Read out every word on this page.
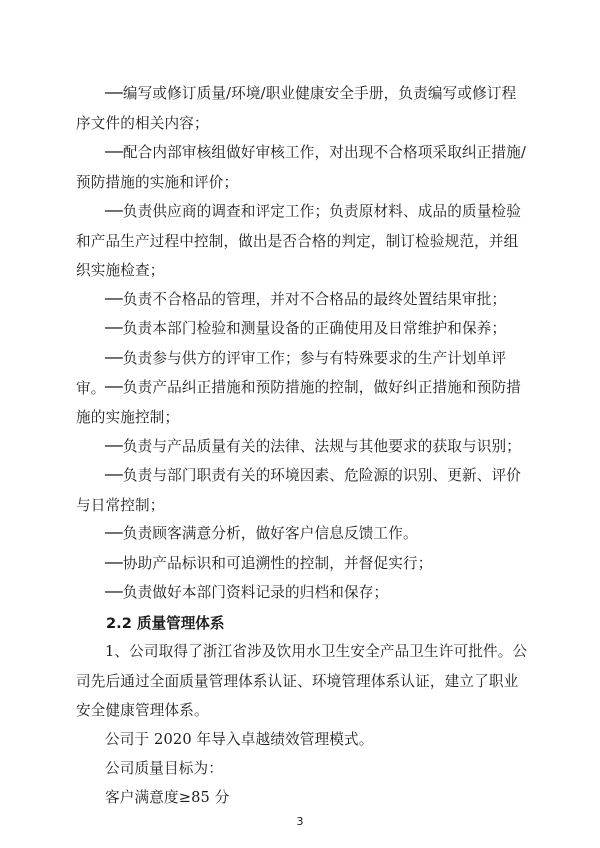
──编写或修订质量/环境/职业健康安全手册，负责编写或修订程序文件的相关内容；

──配合内部审核组做好审核工作，对出现不合格项采取纠正措施/预防措施的实施和评价；

──负责供应商的调查和评定工作；负责原材料、成品的质量检验和产品生产过程中控制，做出是否合格的判定，制订检验规范，并组织实施检查；

──负责不合格品的管理，并对不合格品的最终处置结果审批；

──负责本部门检验和测量设备的正确使用及日常维护和保养；

──负责参与供方的评审工作；参与有特殊要求的生产计划单评审。 ──负责产品纠正措施和预防措施的控制，做好纠正措施和预防措施的实施控制；

──负责与产品质量有关的法律、法规与其他要求的获取与识别；

──负责与部门职责有关的环境因素、危险源的识别、更新、评价与日常控制；

──负责顾客满意分析，做好客户信息反馈工作。

──协助产品标识和可追溯性的控制，并督促实行；

──负责做好本部门资料记录的归档和保存；

2.2 质量管理体系

1、公司取得了浙江省涉及饮用水卫生安全产品卫生许可批件。公司先后通过全面质量管理体系认证、环境管理体系认证，建立了职业安全健康管理体系。

公司于 2020 年导入卓越绩效管理模式。

公司质量目标为：

客户满意度≥85 分

3
